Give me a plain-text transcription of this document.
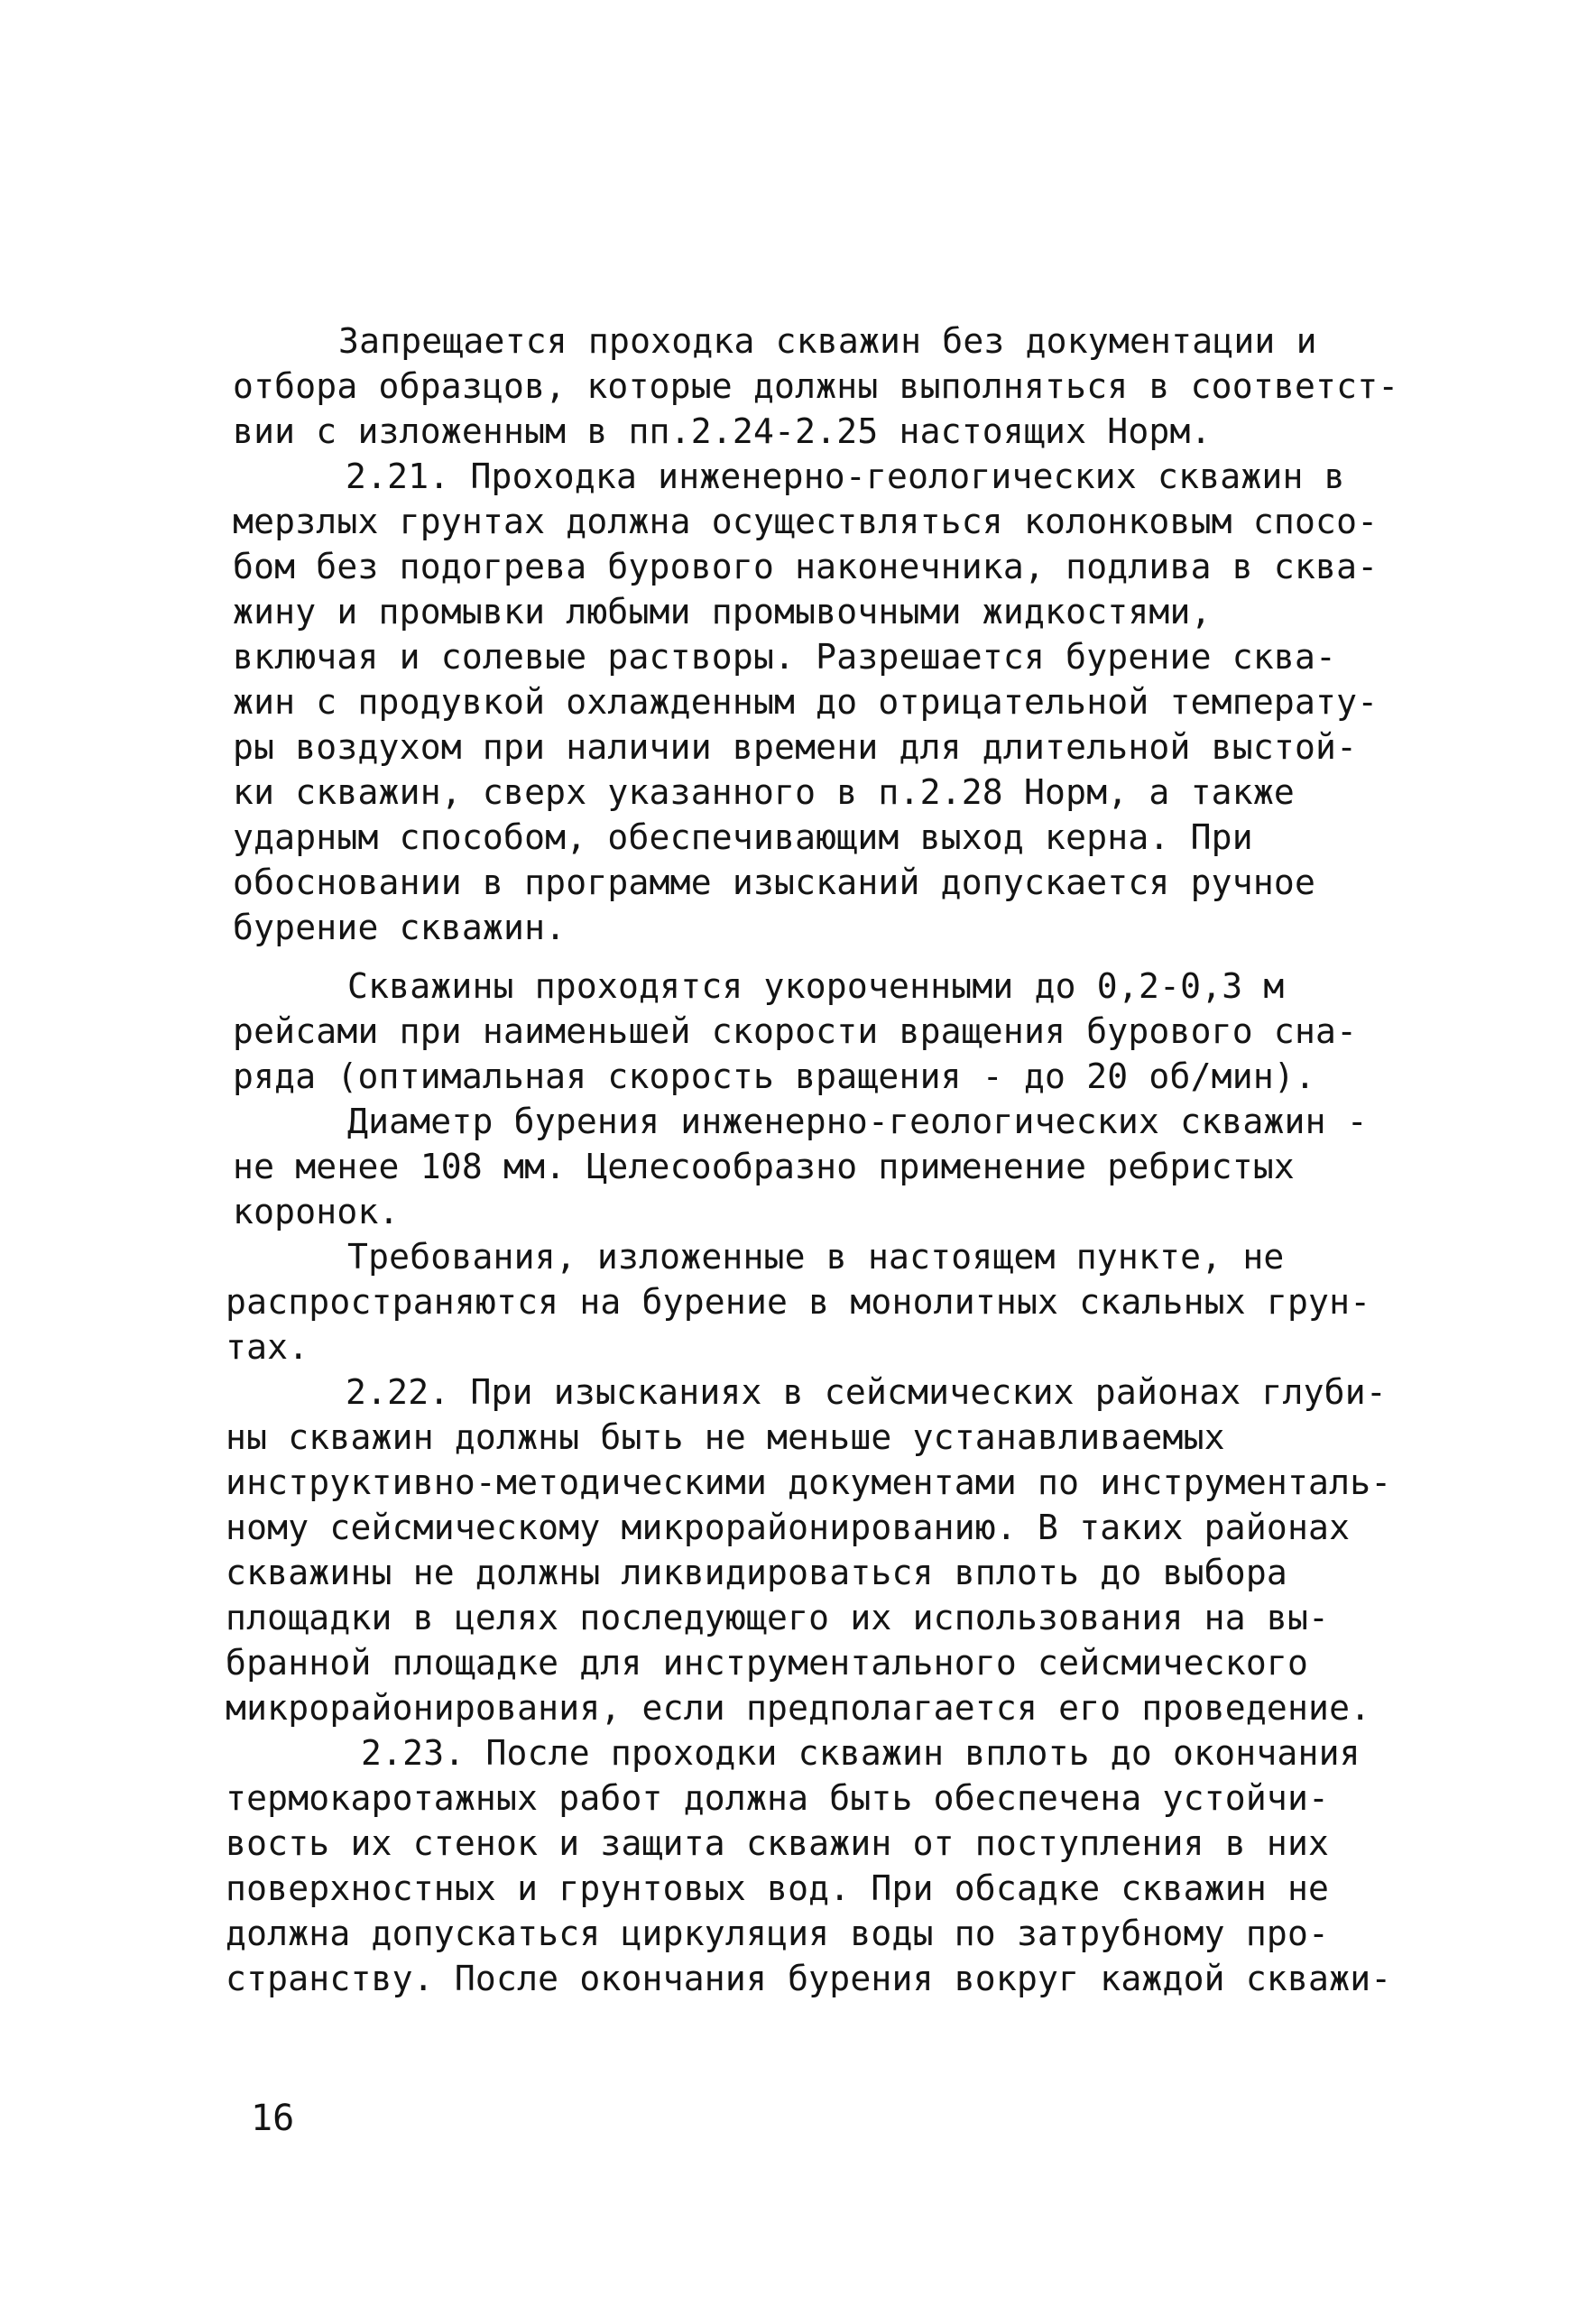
Запрещается проходка скважин без документации и
отбора образцов, которые должны выполняться в соответст-
вии с изложенным в пп.2.24-2.25 настоящих Норм.
2.21. Проходка инженерно-геологических скважин в
мерзлых грунтах должна осуществляться колонковым спосо-
бом без подогрева бурового наконечника, подлива в сква-
жину и промывки любыми промывочными жидкостями,
включая и солевые растворы. Разрешается бурение сква-
жин с продувкой охлажденным до отрицательной температу-
ры воздухом при наличии времени для длительной выстой-
ки скважин, сверх указанного в п.2.28 Норм, а также
ударным способом, обеспечивающим выход керна. При
обосновании в программе изысканий допускается ручное
бурение скважин.
Скважины проходятся укороченными до 0,2-0,3 м
рейсами при наименьшей скорости вращения бурового сна-
ряда (оптимальная скорость вращения - до 20 об/мин).
Диаметр бурения инженерно-геологических скважин -
не менее 108 мм. Целесообразно применение ребристых
коронок.
Требования, изложенные в настоящем пункте, не
распространяются на бурение в монолитных скальных грун-
тах.
2.22. При изысканиях в сейсмических районах глуби-
ны скважин должны быть не меньше устанавливаемых
инструктивно-методическими документами по инструменталь-
ному сейсмическому микрорайонированию. В таких районах
скважины не должны ликвидироваться вплоть до выбора
площадки в целях последующего их использования на вы-
бранной площадке для инструментального сейсмического
микрорайонирования, если предполагается его проведение.
2.23. После проходки скважин вплоть до окончания
термокаротажных работ должна быть обеспечена устойчи-
вость их стенок и защита скважин от поступления в них
поверхностных и грунтовых вод. При обсадке скважин не
должна допускаться циркуляция воды по затрубному про-
странству. После окончания бурения вокруг каждой скважи-
16
